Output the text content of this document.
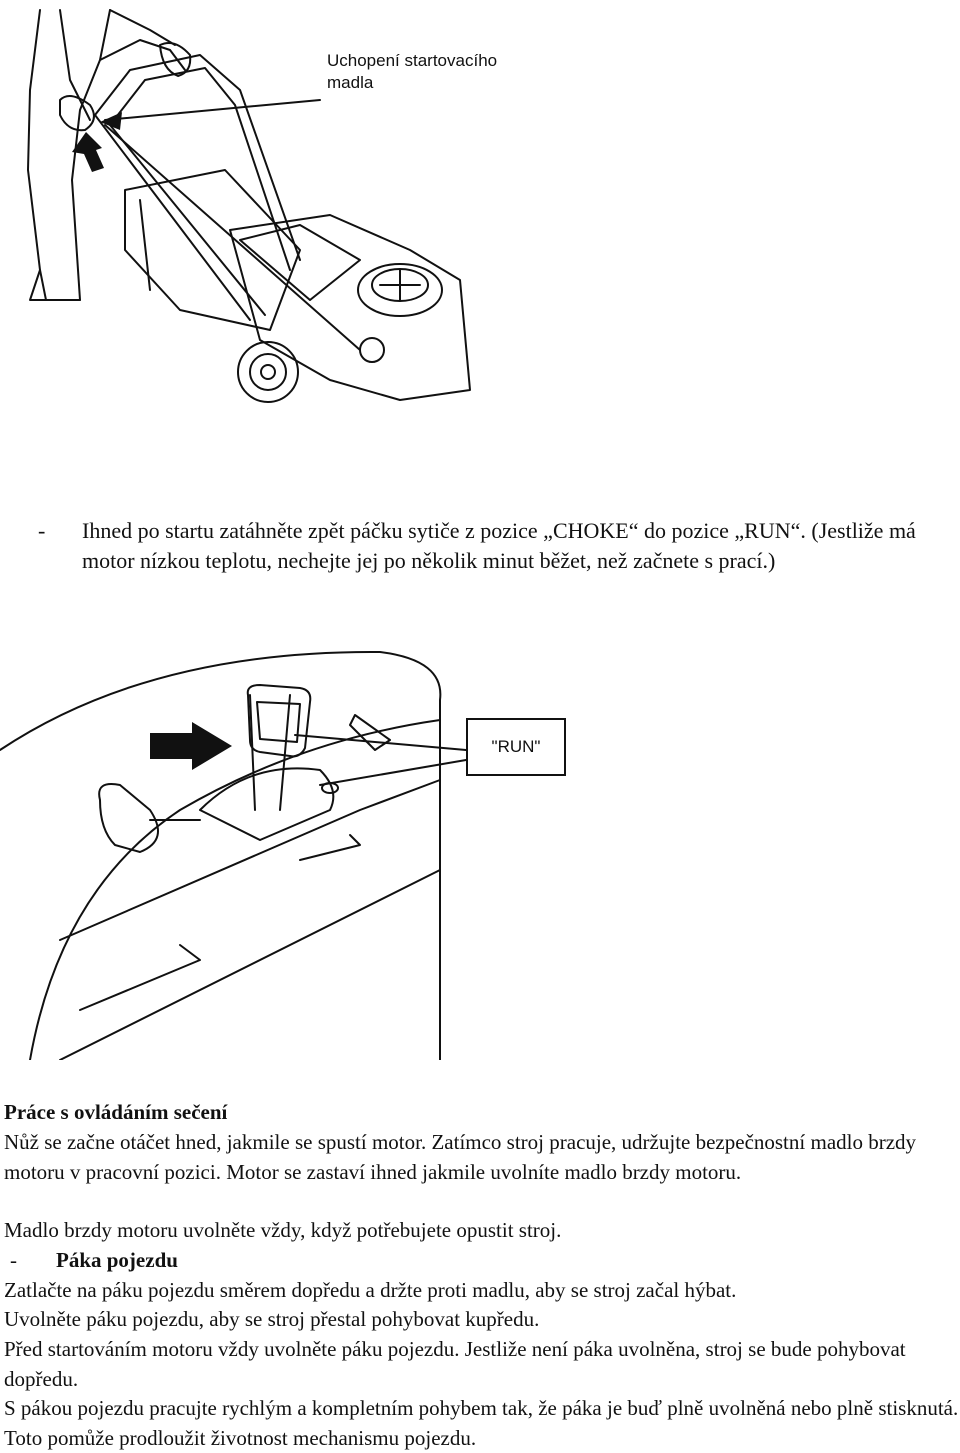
Uchopení startovacího
madla
- Ihned po startu zatáhněte zpět páčku sytiče z pozice „CHOKE“ do pozice „RUN“. (Jestliže má motor nízkou teplotu, nechejte jej po několik minut běžet, než začnete s prací.)
"RUN"
Práce s ovládáním sečení
Nůž se začne otáčet hned, jakmile se spustí motor. Zatímco stroj pracuje, udržujte bezpečnostní madlo brzdy motoru v pracovní pozici. Motor se zastaví ihned jakmile uvolníte madlo brzdy motoru.
Madlo brzdy motoru uvolněte vždy, když potřebujete opustit stroj.
- Páka pojezdu
Zatlačte na páku pojezdu směrem dopředu a držte proti madlu, aby se stroj začal hýbat.
Uvolněte páku pojezdu, aby se stroj přestal pohybovat kupředu.
Před startováním motoru vždy uvolněte páku pojezdu. Jestliže není páka uvolněna, stroj se bude pohybovat dopředu.
S pákou pojezdu pracujte rychlým a kompletním pohybem tak, že páka je buď plně uvolněná nebo plně stisknutá. Toto pomůže prodloužit životnost mechanismu pojezdu.
